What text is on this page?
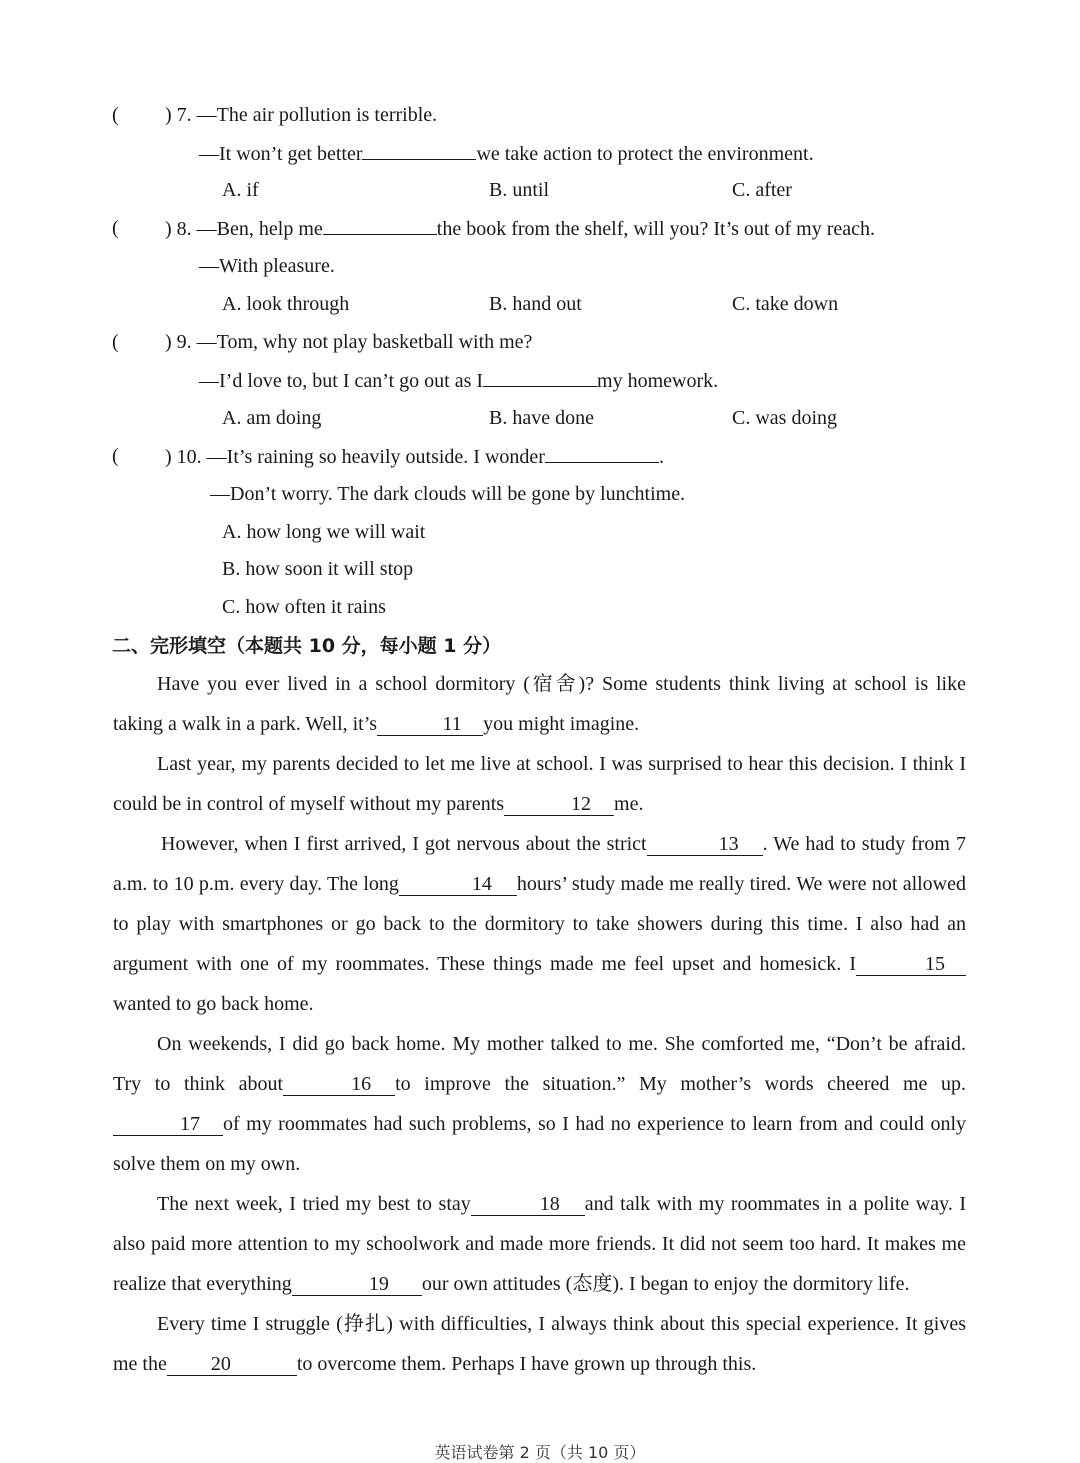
( ) 7. —The air pollution is terrible.
—It won’t get better	we take action to protect the environment.
A. if	B. until	C. after
( ) 8. —Ben, help me	the book from the shelf, will you? It’s out of my reach.
—With pleasure.
A. look through	B. hand out	C. take down
( ) 9. —Tom, why not play basketball with me?
—I’d love to, but I can’t go out as I	my homework.
A. am doing	B. have done	C. was doing
( ) 10. —It’s raining so heavily outside. I wonder	.
—Don’t worry. The dark clouds will be gone by lunchtime.
A. how long we will wait
B. how soon it will stop
C. how often it rains
二、完形填空（本题共 10 分，每小题 1 分）

Have you ever lived in a school dormitory (宿舍)? Some students think living at school is like taking a walk in a park. Well, it’s	11 you might imagine.

Last year, my parents decided to let me live at school. I was surprised to hear this decision. I think I could be in control of myself without my parents	12 me.

However, when I first arrived, I got nervous about the strict	13 . We had to study from 7 a.m. to 10 p.m. every day. The long	14 hours’ study made me really tired. We were not allowed to play with smartphones or go back to the dormitory to take showers during this time. I also had an argument with one of my roommates. These things made me feel upset and homesick. I	15wanted to go back home.

On weekends, I did go back home. My mother talked to me. She comforted me, “Don’t be afraid. Try to think about	16 to improve the situation.” My mother’s words cheered me up. 17 of my roommates had such problems, so I had no experience to learn from and could only solve them on my own.

The next week, I tried my best to stay	18 and talk with my roommates in a polite way. I also paid more attention to my schoolwork and made more friends. It did not seem too hard. It makes me realize that everything	19 our own attitudes (态度). I began to enjoy the dormitory life.

Every time I struggle (挣扎) with difficulties, I always think about this special experience. It gives me the 20	to overcome them. Perhaps I have grown up through this.

英语试卷第 2 页（共 10 页）
